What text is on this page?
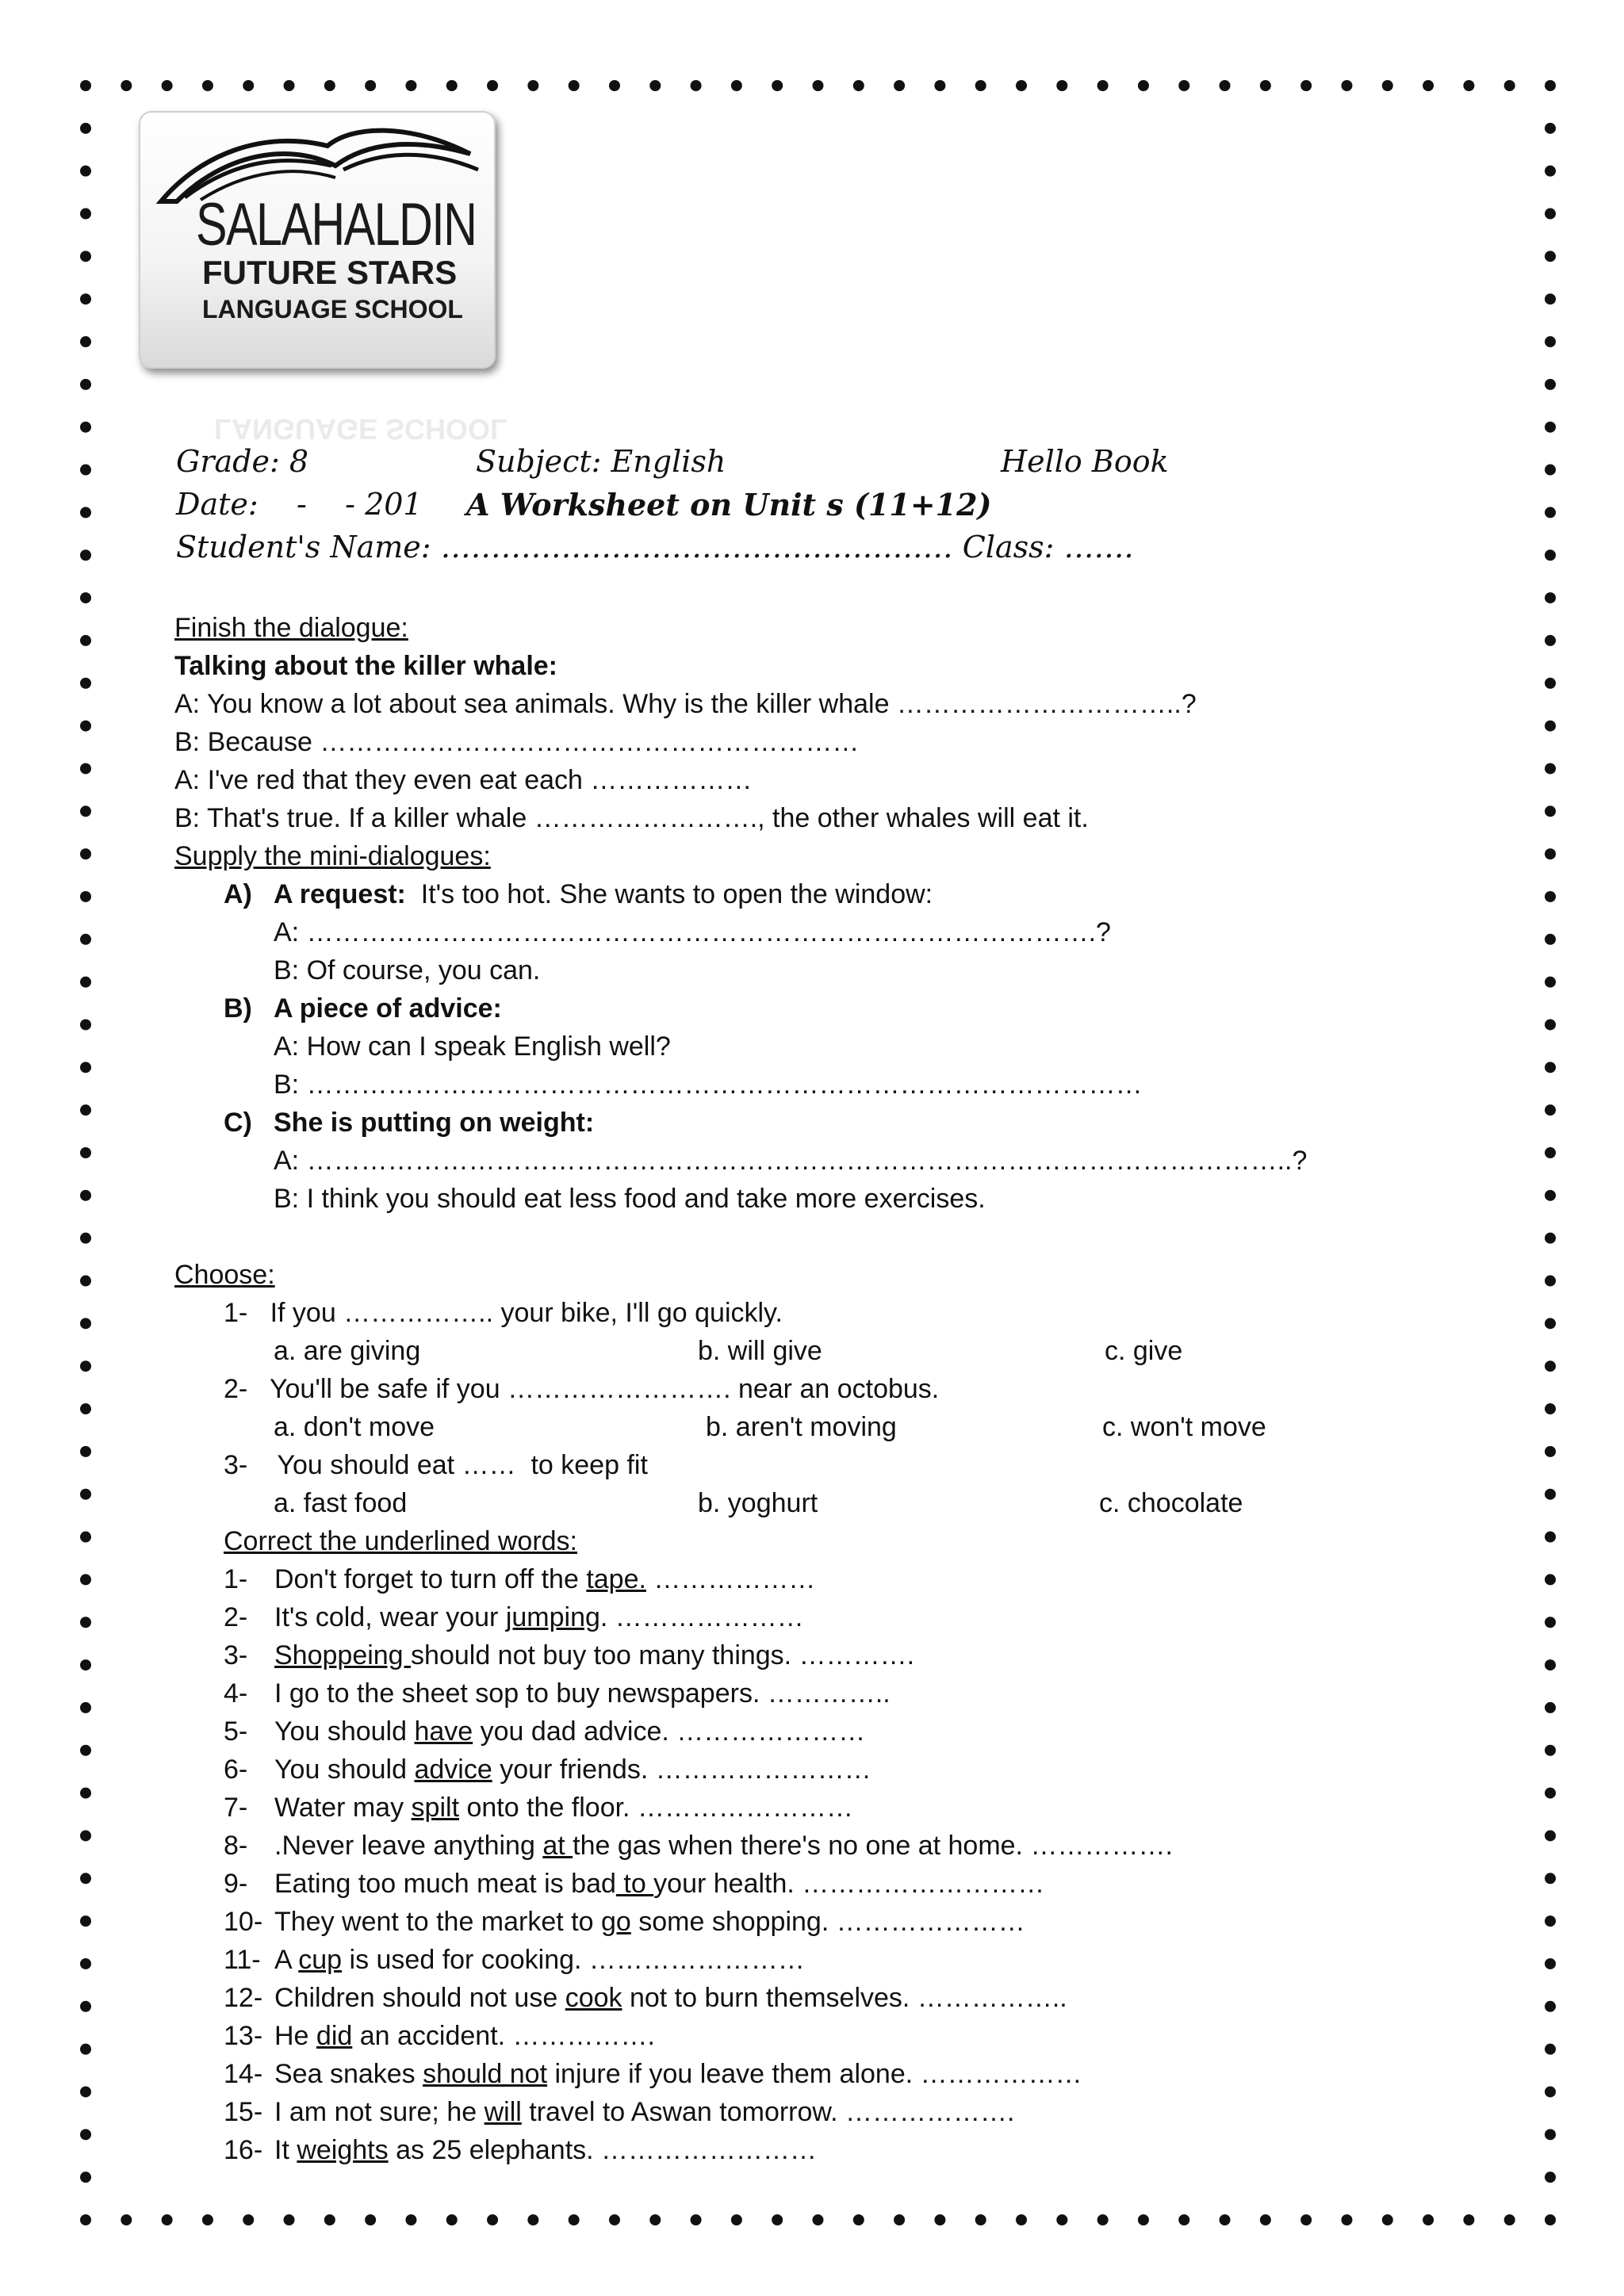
SALAHALDIN
FUTURE STARS
LANGUAGE SCHOOL
LANGUAGE SCHOOL
Grade: 8	Subject: English	Hello Book
Date:    -    - 201 A Worksheet on Unit s (11+12)
Student's Name: …………………………………………… Class: …….
Finish the dialogue:
Talking about the killer whale:
A: You know a lot about sea animals. Why is the killer whale …………………………..?
B: Because ……………………………………………………
A: I've red that they even eat each ………………
B: That's true. If a killer whale ……………………., the other whales will eat it.
Supply the mini-dialogues:
A) A request:  It's too hot. She wants to open the window:
A: …………………………………………………………………………….?
B: Of course, you can.
B) A piece of advice:
A: How can I speak English well?
B: …………………………………………………………………………………
C) She is putting on weight:
A: ………………………………………………………………………………………………..?
B: I think you should eat less food and take more exercises.
Choose:
1-   If you …………….. your bike, I'll go quickly.
a. are giving	b. will give	c. give
2-   You'll be safe if you ……………………. near an octobus.
a. don't move	b. aren't moving	c. won't move
3-    You should eat ……  to keep fit
a. fast food	b. yoghurt	c. chocolate
Correct the underlined words:
1- Don't forget to turn off the tape. ………………
2- It's cold, wear your jumping. …………………
3- Shoppeing should not buy too many things. ………….
4- I go to the sheet sop to buy newspapers. …………..
5- You should have you dad advice. …………………
6- You should advice your friends. ……………………
7- Water may spilt onto the floor. ……………………
8- .Never leave anything at the gas when there's no one at home. …………….
9- Eating too much meat is bad to your health. ………………………
10- They went to the market to go some shopping. …………………
11- A cup is used for cooking. ……………………
12- Children should not use cook not to burn themselves. ……………..
13- He did an accident. …………….
14- Sea snakes should not injure if you leave them alone. ………………
15- I am not sure; he will travel to Aswan tomorrow. ……………….
16- It weights as 25 elephants. ……………………
